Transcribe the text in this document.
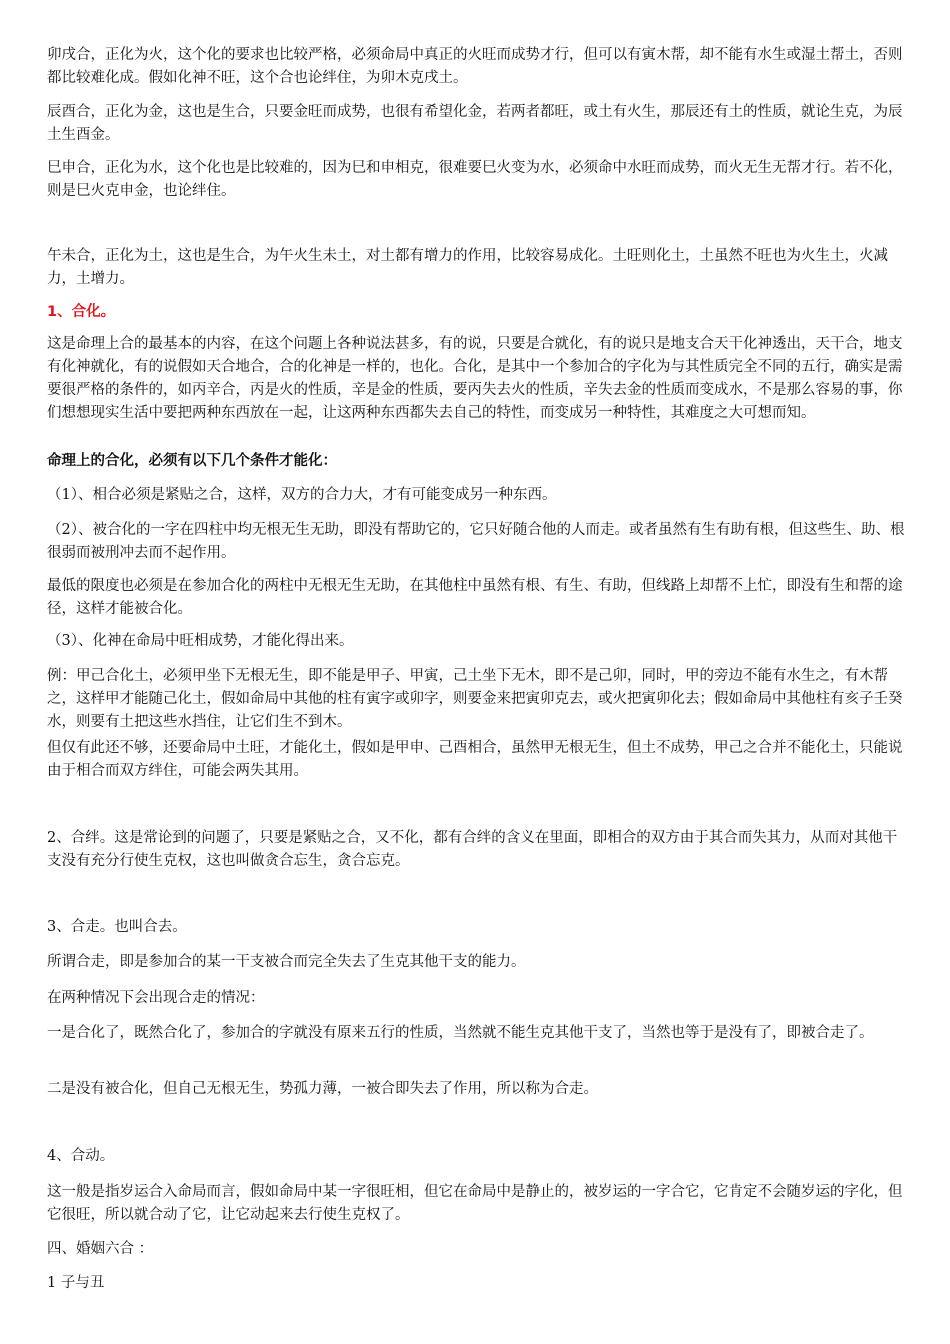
卯戌合，正化为火，这个化的要求也比较严格，必须命局中真正的火旺而成势才行，但可以有寅木帮，却不能有水生或湿土帮土，否则都比较难化成。假如化神不旺，这个合也论绊住，为卯木克戌土。

辰酉合，正化为金，这也是生合，只要金旺而成势，也很有希望化金，若两者都旺，或土有火生，那辰还有土的性质，就论生克，为辰土生酉金。

巳申合，正化为水，这个化也是比较难的，因为巳和申相克，很难要巳火变为水，必须命中水旺而成势，而火无生无帮才行。若不化，则是巳火克申金，也论绊住。

午未合，正化为土，这也是生合，为午火生未土，对土都有增力的作用，比较容易成化。土旺则化土，土虽然不旺也为火生土，火减力，土增力。

1、合化。

这是命理上合的最基本的内容，在这个问题上各种说法甚多，有的说，只要是合就化，有的说只是地支合天干化神透出，天干合，地支有化神就化，有的说假如天合地合，合的化神是一样的，也化。合化，是其中一个参加合的字化为与其性质完全不同的五行，确实是需要很严格的条件的，如丙辛合，丙是火的性质，辛是金的性质，要丙失去火的性质，辛失去金的性质而变成水，不是那么容易的事，你们想想现实生活中要把两种东西放在一起，让这两种东西都失去自己的特性，而变成另一种特性，其难度之大可想而知。

命理上的合化，必须有以下几个条件才能化：

（1）、相合必须是紧贴之合，这样，双方的合力大，才有可能变成另一种东西。

（2）、被合化的一字在四柱中均无根无生无助，即没有帮助它的，它只好随合他的人而走。或者虽然有生有助有根，但这些生、助、根很弱而被刑冲去而不起作用。

最低的限度也必须是在参加合化的两柱中无根无生无助，在其他柱中虽然有根、有生、有助，但线路上却帮不上忙，即没有生和帮的途径，这样才能被合化。

（3）、化神在命局中旺相成势，才能化得出来。

例：甲己合化土，必须甲坐下无根无生，即不能是甲子、甲寅，己土坐下无木，即不是己卯，同时，甲的旁边不能有水生之，有木帮之，这样甲才能随己化土，假如命局中其他的柱有寅字或卯字，则要金来把寅卯克去，或火把寅卯化去；假如命局中其他柱有亥子壬癸水，则要有土把这些水挡住，让它们生不到木。

但仅有此还不够，还要命局中土旺，才能化土，假如是甲申、己酉相合，虽然甲无根无生，但土不成势，甲己之合并不能化土，只能说由于相合而双方绊住，可能会两失其用。

2、合绊。这是常论到的问题了，只要是紧贴之合，又不化，都有合绊的含义在里面，即相合的双方由于其合而失其力，从而对其他干支没有充分行使生克权，这也叫做贪合忘生，贪合忘克。

3、合走。也叫合去。

所谓合走，即是参加合的某一干支被合而完全失去了生克其他干支的能力。

在两种情况下会出现合走的情况：

一是合化了，既然合化了，参加合的字就没有原来五行的性质，当然就不能生克其他干支了，当然也等于是没有了，即被合走了。

二是没有被合化，但自己无根无生，势孤力薄，一被合即失去了作用，所以称为合走。

4、合动。

这一般是指岁运合入命局而言，假如命局中某一字很旺相，但它在命局中是静止的，被岁运的一字合它，它肯定不会随岁运的字化，但它很旺，所以就合动了它，让它动起来去行使生克权了。

四、婚姻六合 ：

1 子与丑
